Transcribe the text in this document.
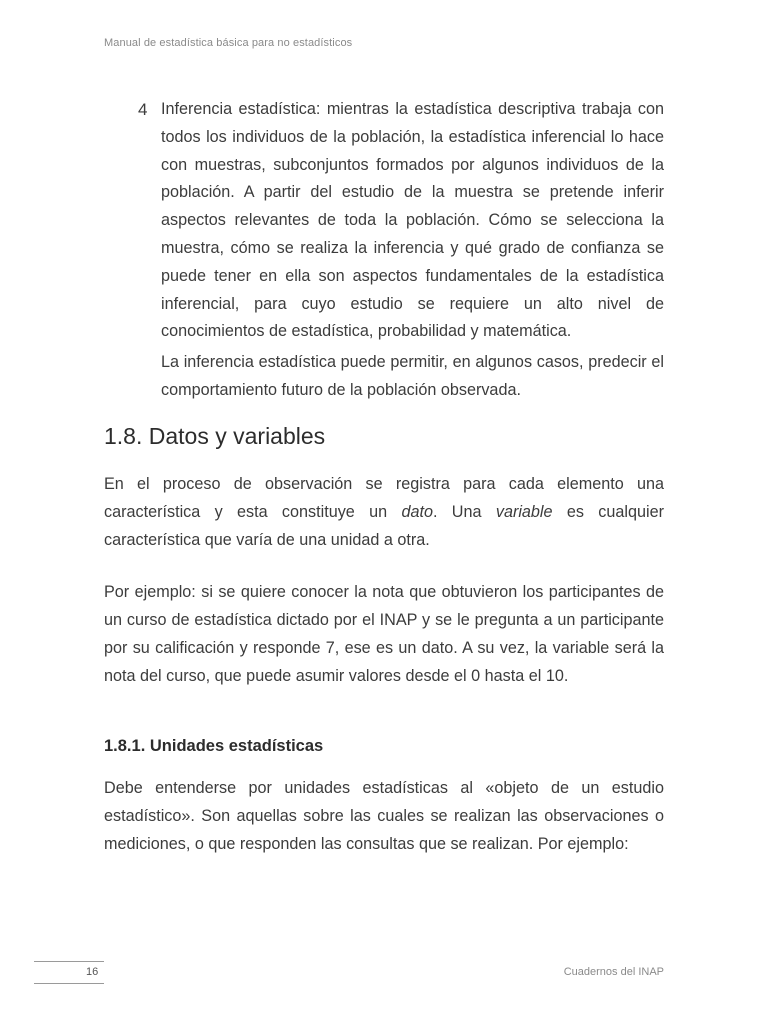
Manual de estadística básica para no estadísticos
4 Inferencia estadística: mientras la estadística descriptiva trabaja con todos los individuos de la población, la estadística inferencial lo hace con muestras, subconjuntos formados por algunos individuos de la población. A partir del estudio de la muestra se pretende inferir aspectos relevantes de toda la población. Cómo se selecciona la muestra, cómo se realiza la inferencia y qué grado de confianza se puede tener en ella son aspectos fundamentales de la estadística inferencial, para cuyo estudio se requiere un alto nivel de conocimientos de estadística, probabilidad y matemática.

La inferencia estadística puede permitir, en algunos casos, predecir el comportamiento futuro de la población observada.

1.8. Datos y variables

En el proceso de observación se registra para cada elemento una característica y esta constituye un dato. Una variable es cualquier característica que varía de una unidad a otra.

Por ejemplo: si se quiere conocer la nota que obtuvieron los participantes de un curso de estadística dictado por el INAP y se le pregunta a un participante por su calificación y responde 7, ese es un dato. A su vez, la variable será la nota del curso, que puede asumir valores desde el 0 hasta el 10.

1.8.1. Unidades estadísticas

Debe entenderse por unidades estadísticas al «objeto de un estudio estadístico». Son aquellas sobre las cuales se realizan las observaciones o mediciones, o que responden las consultas que se realizan. Por ejemplo:

16	Cuadernos del INAP
